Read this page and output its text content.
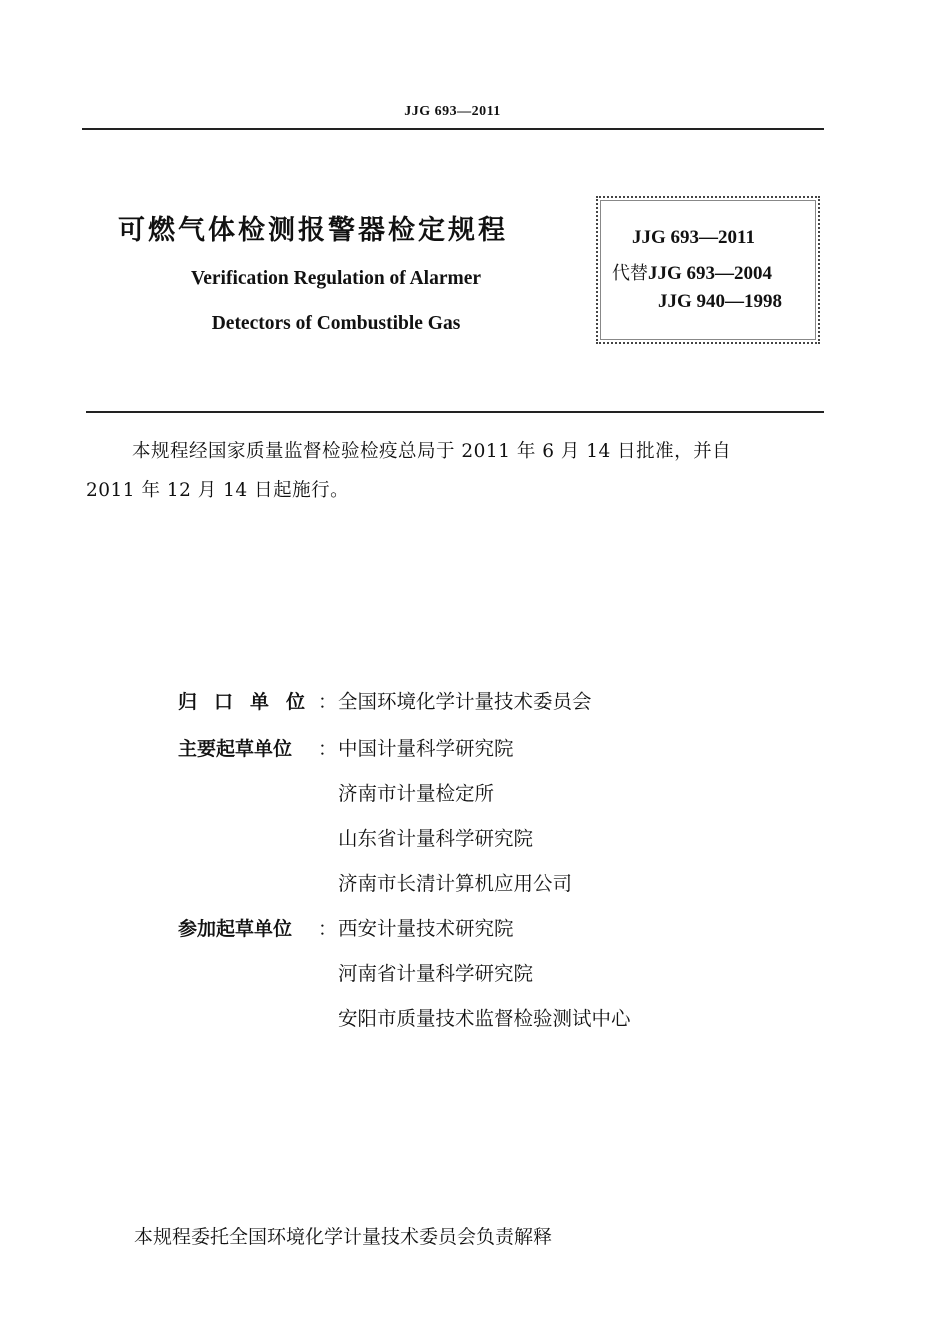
JJG 693—2011
可燃气体检测报警器检定规程
Verification Regulation of Alarmer
Detectors of Combustible Gas
JJG 693—2011
代替JJG 693—2004
JJG 940—1998
本规程经国家质量监督检验检疫总局于 2011 年 6 月 14 日批准，并自
2011 年 12 月 14 日起施行。
归口单位
： 全国环境化学计量技术委员会
主要起草单位 ： 中国计量科学研究院
济南市计量检定所
山东省计量科学研究院
济南市长清计算机应用公司
参加起草单位 ： 西安计量技术研究院
河南省计量科学研究院
安阳市质量技术监督检验测试中心
本规程委托全国环境化学计量技术委员会负责解释
